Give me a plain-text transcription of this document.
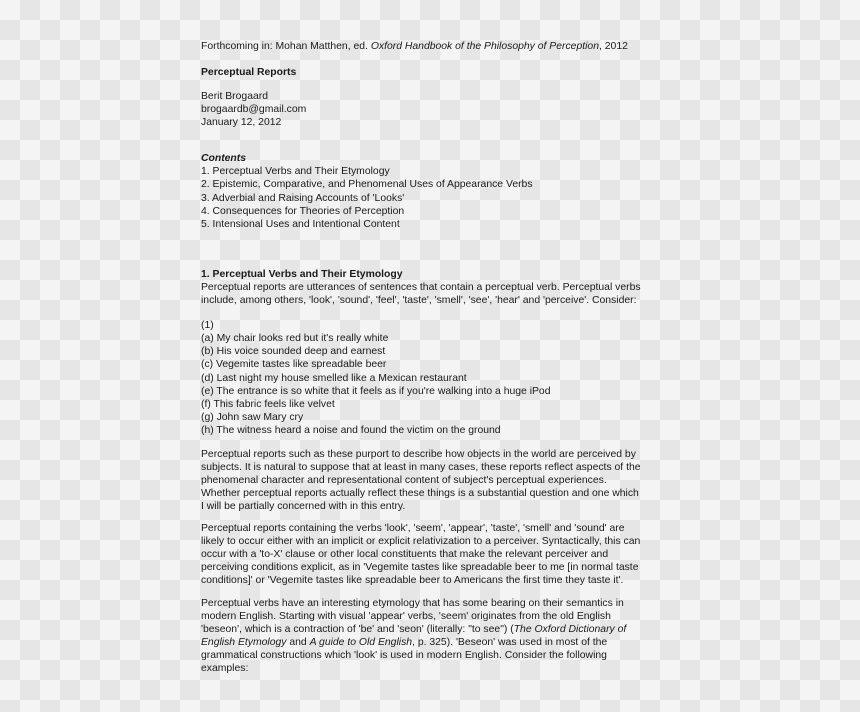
Forthcoming in: Mohan Matthen, ed. Oxford Handbook of the Philosophy of Perception, 2012
Perceptual Reports
Berit Brogaard
brogaardb@gmail.com
January 12, 2012
Contents
1. Perceptual Verbs and Their Etymology
2. Epistemic, Comparative, and Phenomenal Uses of Appearance Verbs
3. Adverbial and Raising Accounts of 'Looks'
4. Consequences for Theories of Perception
5. Intensional Uses and Intentional Content
1. Perceptual Verbs and Their Etymology
Perceptual reports are utterances of sentences that contain a perceptual verb. Perceptual verbs
include, among others, 'look', 'sound', 'feel', 'taste', 'smell', 'see', 'hear' and 'perceive'. Consider:
(1)
(a) My chair looks red but it's really white
(b) His voice sounded deep and earnest
(c) Vegemite tastes like spreadable beer
(d) Last night my house smelled like a Mexican restaurant
(e) The entrance is so white that it feels as if you're walking into a huge iPod
(f) This fabric feels like velvet
(g) John saw Mary cry
(h) The witness heard a noise and found the victim on the ground
Perceptual reports such as these purport to describe how objects in the world are perceived by
subjects. It is natural to suppose that at least in many cases, these reports reflect aspects of the
phenomenal character and representational content of subject's perceptual experiences.
Whether perceptual reports actually reflect these things is a substantial question and one which
I will be partially concerned with in this entry.
Perceptual reports containing the verbs 'look', 'seem', 'appear', 'taste', 'smell' and 'sound' are
likely to occur either with an implicit or explicit relativization to a perceiver. Syntactically, this can
occur with a 'to-X' clause or other local constituents that make the relevant perceiver and
perceiving conditions explicit, as in 'Vegemite tastes like spreadable beer to me [in normal taste
conditions]' or 'Vegemite tastes like spreadable beer to Americans the first time they taste it'.
Perceptual verbs have an interesting etymology that has some bearing on their semantics in
modern English. Starting with visual 'appear' verbs, 'seem' originates from the old English
'beseon', which is a contraction of 'be' and 'seon' (literally: "to see") (The Oxford Dictionary of
English Etymology and A guide to Old English, p. 325). 'Beseon' was used in most of the
grammatical constructions which 'look' is used in modern English. Consider the following
examples:
